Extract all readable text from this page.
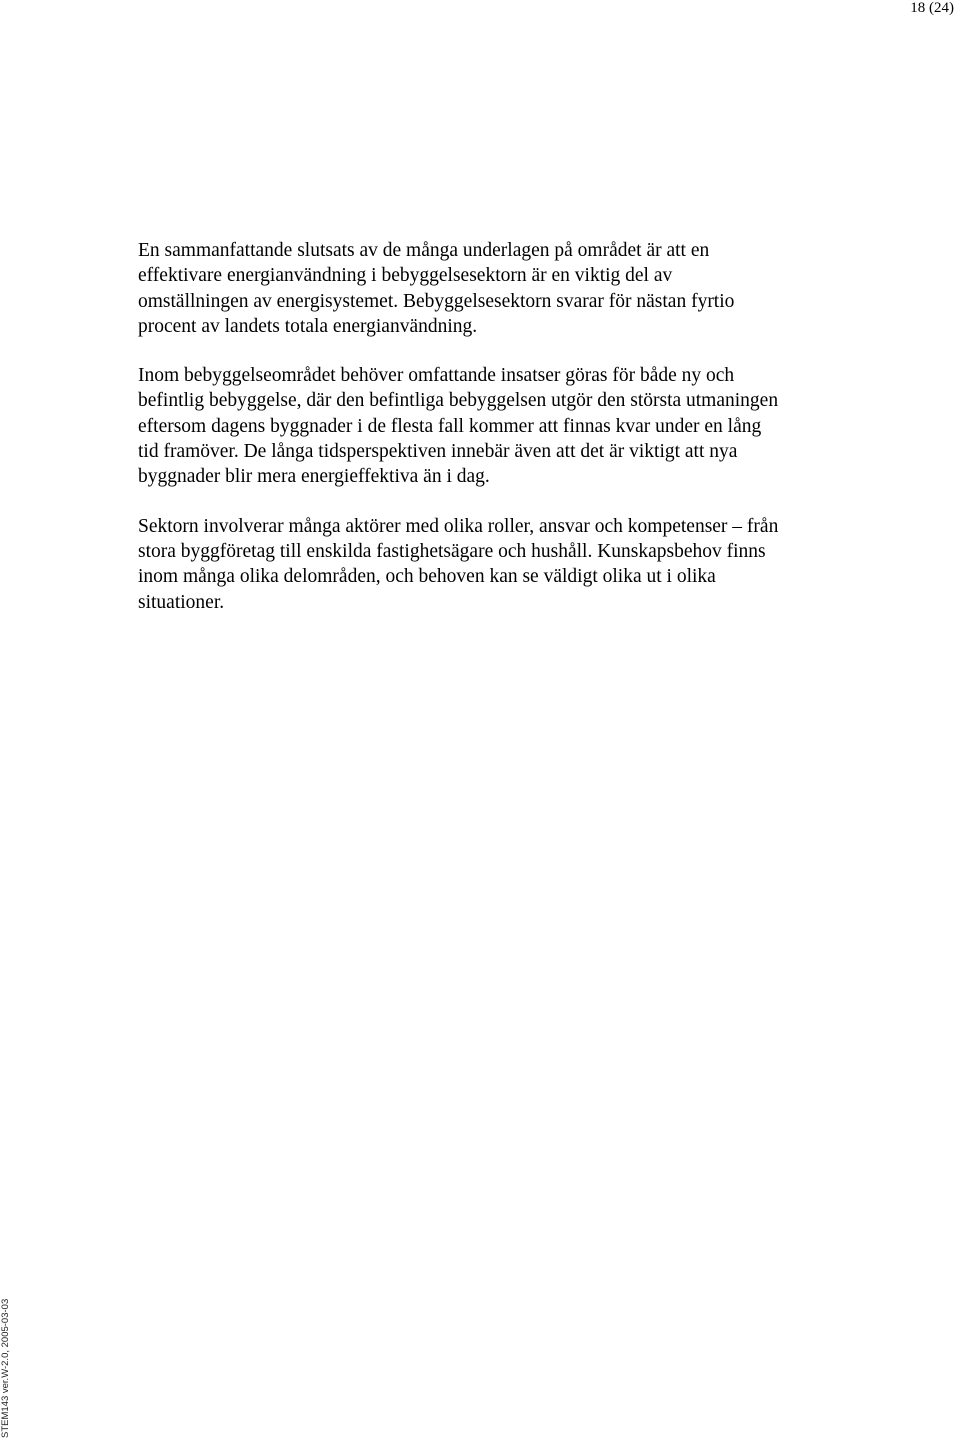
18 (24)

En sammanfattande slutsats av de många underlagen på området är att en
effektivare energianvändning i bebyggelsesektorn är en viktig del av
omställningen av energisystemet. Bebyggelsesektorn svarar för nästan fyrtio
procent av landets totala energianvändning.

Inom bebyggelseområdet behöver omfattande insatser göras för både ny och
befintlig bebyggelse, där den befintliga bebyggelsen utgör den största utmaningen
eftersom dagens byggnader i de flesta fall kommer att finnas kvar under en lång
tid framöver. De långa tidsperspektiven innebär även att det är viktigt att nya
byggnader blir mera energieffektiva än i dag.

Sektorn involverar många aktörer med olika roller, ansvar och kompetenser – från
stora byggföretag till enskilda fastighetsägare och hushåll. Kunskapsbehov finns
inom många olika delområden, och behoven kan se väldigt olika ut i olika
situationer.

STEM143 ver.W-2.0, 2005-03-03
